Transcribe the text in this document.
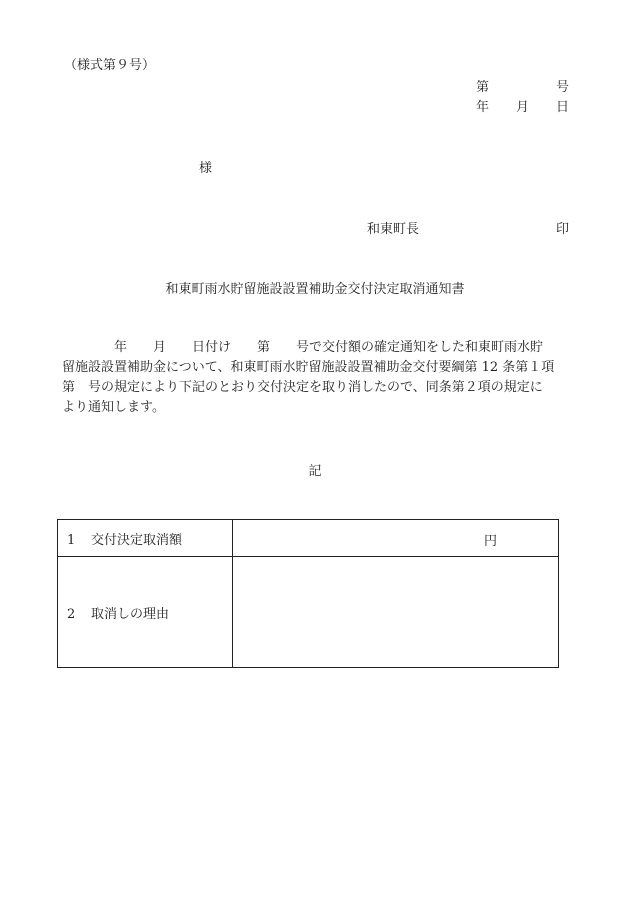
（様式第９号）
第	号
年 月 日
様
和東町長	印
和東町雨水貯留施設設置補助金交付決定取消通知書
　　　　年　　月　　日付け　　第　　号で交付額の確定通知をした和東町雨水貯
留施設設置補助金について、和東町雨水貯留施設設置補助金交付要綱第 12 条第１項
第　号の規定により下記のとおり交付決定を取り消したので、同条第２項の規定に
より通知します。
記
1 交付決定取消額	円

2 取消しの理由	
